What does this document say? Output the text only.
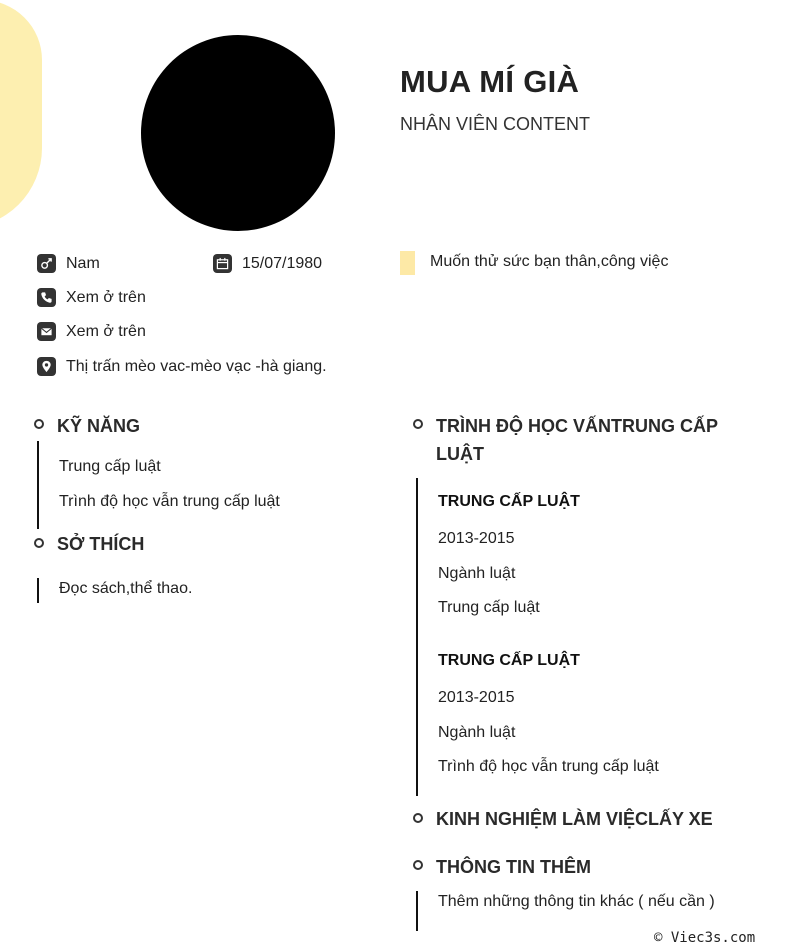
MUA MÍ GIÀ
NHÂN VIÊN CONTENT
Nam	15/07/1980	Muốn thử sức bạn thân,công việc
Xem ở trên
Xem ở trên
Thị trấn mèo vac-mèo vạc -hà giang.
KỸ NĂNG
Trung cấp luật
Trình độ học vẫn trung cấp luật
SỞ THÍCH
Đọc sách,thể thao.
TRÌNH ĐỘ HỌC VẤNTRUNG CẤP LUẬT
TRUNG CẤP LUẬT
2013-2015
Ngành luật
Trung cấp luật
TRUNG CẤP LUẬT
2013-2015
Ngành luật
Trình độ học vẫn trung cấp luật
KINH NGHIỆM LÀM VIỆCLẤY XE
THÔNG TIN THÊM
Thêm những thông tin khác ( nếu cần )
© Viec3s.com
